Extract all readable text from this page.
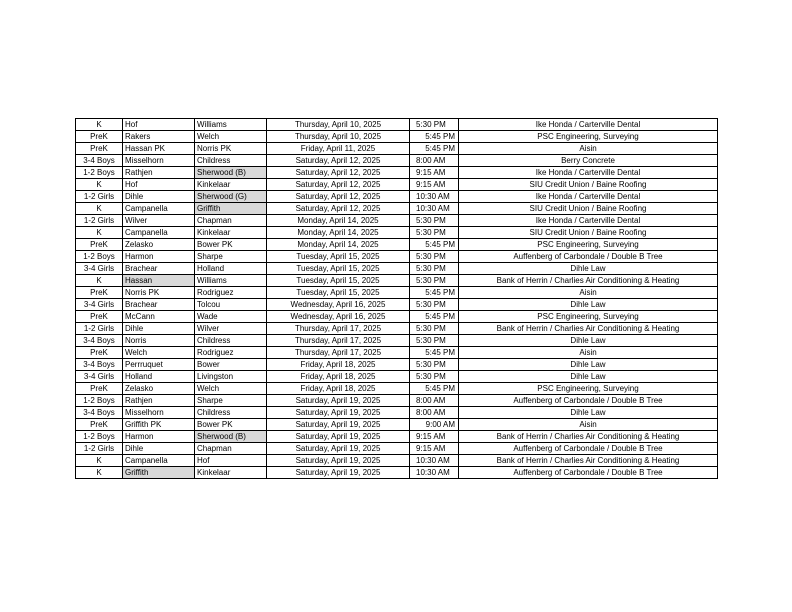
K	Hof	Williams	Thursday, April 10, 2025	5:30 PM	Ike Honda / Carterville Dental
PreK	Rakers	Welch	Thursday, April 10, 2025	5:45 PM	PSC Engineering, Surveying
PreK	Hassan PK	Norris PK	Friday, April 11, 2025	5:45 PM	Aisin
3-4 Boys	Misselhorn	Childress	Saturday, April 12, 2025	8:00 AM	Berry Concrete
1-2 Boys	Rathjen	Sherwood (B)	Saturday, April 12, 2025	9:15 AM	Ike Honda / Carterville Dental
K	Hof	Kinkelaar	Saturday, April 12, 2025	9:15 AM	SIU Credit Union / Baine Roofing
1-2 Girls	Dihle	Sherwood (G)	Saturday, April 12, 2025	10:30 AM	Ike Honda / Carterville Dental
K	Campanella	Griffith	Saturday, April 12, 2025	10:30 AM	SIU Credit Union / Baine Roofing
1-2 Girls	Wilver	Chapman	Monday, April 14, 2025	5:30 PM	Ike Honda / Carterville Dental
K	Campanella	Kinkelaar	Monday, April 14, 2025	5:30 PM	SIU Credit Union / Baine Roofing
PreK	Zelasko	Bower PK	Monday, April 14, 2025	5:45 PM	PSC Engineering, Surveying
1-2 Boys	Harmon	Sharpe	Tuesday, April 15, 2025	5:30 PM	Auffenberg of Carbondale / Double B Tree
3-4 Girls	Brachear	Holland	Tuesday, April 15, 2025	5:30 PM	Dihle Law
K	Hassan	Williams	Tuesday, April 15, 2025	5:30 PM	Bank of Herrin / Charlies Air Conditioning & Heating
PreK	Norris PK	Rodriguez	Tuesday, April 15, 2025	5:45 PM	Aisin
3-4 Girls	Brachear	Tolcou	Wednesday, April 16, 2025	5:30 PM	Dihle Law
PreK	McCann	Wade	Wednesday, April 16, 2025	5:45 PM	PSC Engineering, Surveying
1-2 Girls	Dihle	Wilver	Thursday, April 17, 2025	5:30 PM	Bank of Herrin / Charlies Air Conditioning & Heating
3-4 Boys	Norris	Childress	Thursday, April 17, 2025	5:30 PM	Dihle Law
PreK	Welch	Rodriguez	Thursday, April 17, 2025	5:45 PM	Aisin
3-4 Boys	Perrruquet	Bower	Friday, April 18, 2025	5:30 PM	Dihle Law
3-4 Girls	Holland	Livingston	Friday, April 18, 2025	5:30 PM	Dihle Law
PreK	Zelasko	Welch	Friday, April 18, 2025	5:45 PM	PSC Engineering, Surveying
1-2 Boys	Rathjen	Sharpe	Saturday, April 19, 2025	8:00 AM	Auffenberg of Carbondale / Double B Tree
3-4 Boys	Misselhorn	Childress	Saturday, April 19, 2025	8:00 AM	Dihle Law
PreK	Griffith PK	Bower PK	Saturday, April 19, 2025	9:00 AM	Aisin
1-2 Boys	Harmon	Sherwood (B)	Saturday, April 19, 2025	9:15 AM	Bank of Herrin / Charlies Air Conditioning & Heating
1-2 Girls	Dihle	Chapman	Saturday, April 19, 2025	9:15 AM	Auffenberg of Carbondale / Double B Tree
K	Campanella	Hof	Saturday, April 19, 2025	10:30 AM	Bank of Herrin / Charlies Air Conditioning & Heating
K	Griffith	Kinkelaar	Saturday, April 19, 2025	10:30 AM	Auffenberg of Carbondale / Double B Tree
